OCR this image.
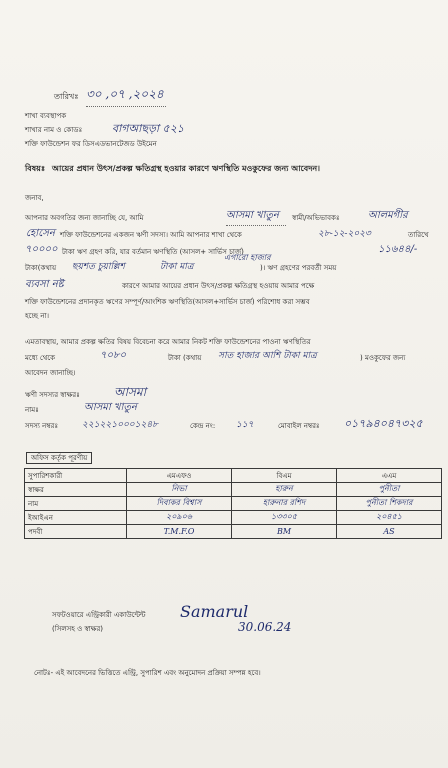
তারিখঃ ৩০ ,০৭ ,২০২৪
শাখা ব্যবস্থাপক
শাখার নাম ও কোডঃ	বাগআছড়া ৫২১
শক্তি ফাউন্ডেশন ফর ডিসএডভানটেজড উইমেন
বিষয়ঃ আয়ের প্রধান উৎস/প্রকল্প ক্ষতিগ্রস্থ হওয়ার কারণে ঋণস্থিতি মওকুফের জন্য আবেদন।
জনাব,
আপনার অবগতির জন্য জানাচ্ছি যে, আমি	আসমা খাতুন	স্বামী/অভিভাবকঃ	আলমগীর
হোসেন শক্তি ফাউন্ডেশনের একজন ঋণী সদস্য। আমি আপনার শাখা থেকে	২৮-১২-২০২৩	তারিখে
৭০০০০ টাকা ঋণ গ্রহণ করি, যার বর্তমান ঋণস্থিতি (আসল+ সার্ভিস চার্জ)	১১৬৪৪/-
এগারো হাজার
টাকা(কথায় ছয়শত চুয়াল্লিশ	টাকা মাত্র	)। ঋণ গ্রহণের পরবর্তী সময়
ব্যবসা নষ্ট	কারণে আমার আয়ের প্রধান উৎস/প্রকল্প ক্ষতিগ্রস্থ হওয়ায় আমার পক্ষে
শক্তি ফাউন্ডেশনের প্রদানকৃত ঋণের সম্পূর্ণ/আংশিক ঋণস্থিতি(আসল+সার্ভিস চার্জ) পরিশোধ করা সম্ভব
হচ্ছে না।
এমতাবস্থায়, আমার প্রকল্প ক্ষতির বিষয় বিবেচনা করে আমার নিকট শক্তি ফাউন্ডেশনের পাওনা ঋণস্থিতির
মধ্যে থেকে	৭০৮০	টাকা (কথায় সাত হাজার আশি টাকা মাত্র	) মওকুফের জন্য
আবেদন জানাচ্ছি।
ঋণী সদস্যর স্বাক্ষরঃ	আসমা
নামঃ	আসমা খাতুন
সদস্য নম্বরঃ	২২১২২১০০০১২৪৮	কেন্দ্র নং: ১১৭	মোবাইল নম্বরঃ ০১৭৯৪০৪৭৩২৫
অফিস কর্তৃক পূরণীয়
সুপারিশকারী	এমএফও	বিএম	এএম
স্বাক্ষর	নিভা	হারুন	পুনীতা
নাম	দিবাকর বিশ্বাস	হারুনার রশিদ	পুনীতা শিকদার
ইআইএন	২০৯০৬	১৩৩০৫	২০৪৫১
পদবী	T.M.F.O	BM	AS
সফটওয়ারে এন্ট্রিকারী একাউন্টেন্ট
(সিলসহ ও স্বাক্ষর)
Samarul
30.06.24
নোটঃ- এই আবেদনের ভিত্তিতে এন্ট্রি, সুপারিশ এবং অনুমোদন প্রক্রিয়া সম্পন্ন হবে।
